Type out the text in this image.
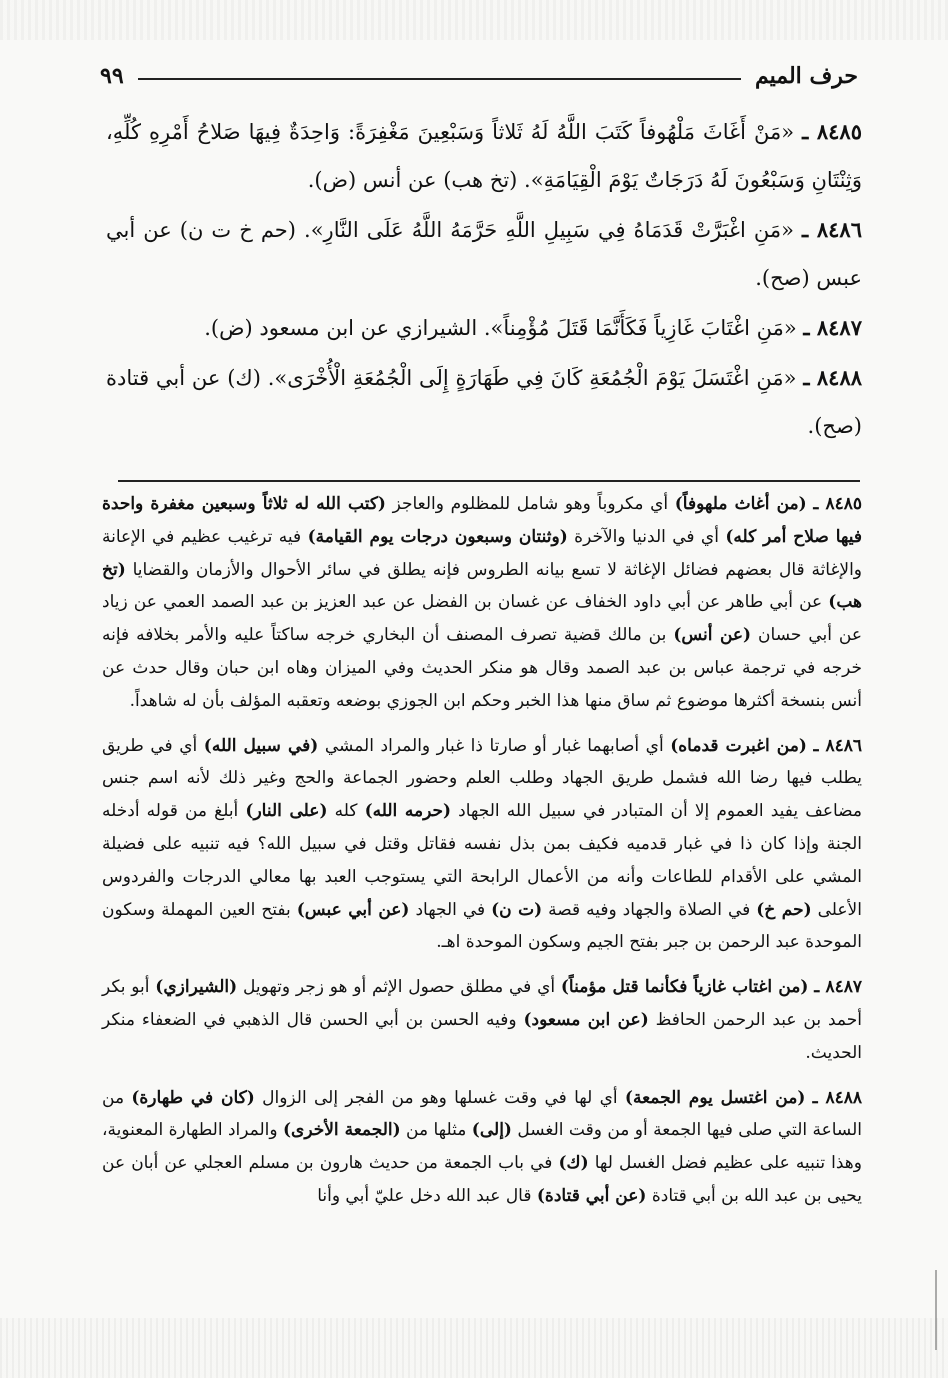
حرف الميم
٩٩

٨٤٨٥ ـ «مَنْ أَغَاثَ مَلْهُوفاً كَتَبَ اللَّهُ لَهُ ثَلاثاً وَسَبْعِينَ مَغْفِرَةً: وَاحِدَةٌ فِيهَا صَلاحُ أَمْرِهِ كُلِّهِ، وَثِنْتَانِ وَسَبْعُونَ لَهُ دَرَجَاتٌ يَوْمَ الْقِيَامَةِ». (تخ هب) عن أنس (ض).

٨٤٨٦ ـ «مَنِ اغْبَرَّتْ قَدَمَاهُ فِي سَبِيلِ اللَّهِ حَرَّمَهُ اللَّهُ عَلَى النَّارِ». (حم خ ت ن) عن أبي عبس (صح).

٨٤٨٧ ـ «مَنِ اغْتَابَ غَازِياً فَكَأَنَّمَا قَتَلَ مُؤْمِناً». الشيرازي عن ابن مسعود (ض).

٨٤٨٨ ـ «مَنِ اغْتَسَلَ يَوْمَ الْجُمُعَةِ كَانَ فِي طَهَارَةٍ إِلَى الْجُمُعَةِ الْأُخْرَى». (ك) عن أبي قتادة (صح).

٨٤٨٥ ـ (من أغاث ملهوفاً) أي مكروباً وهو شامل للمظلوم والعاجز (كتب الله له ثلاثاً وسبعين مغفرة واحدة فيها صلاح أمر كله) أي في الدنيا والآخرة (وثنتان وسبعون درجات يوم القيامة) فيه ترغيب عظيم في الإعانة والإغاثة قال بعضهم فضائل الإغاثة لا تسع بيانه الطروس فإنه يطلق في سائر الأحوال والأزمان والقضايا (تخ هب) عن أبي طاهر عن أبي داود الخفاف عن غسان بن الفضل عن عبد العزيز بن عبد الصمد العمي عن زياد عن أبي حسان (عن أنس) بن مالك قضية تصرف المصنف أن البخاري خرجه ساكتاً عليه والأمر بخلافه فإنه خرجه في ترجمة عباس بن عبد الصمد وقال هو منكر الحديث وفي الميزان وهاه ابن حبان وقال حدث عن أنس بنسخة أكثرها موضوع ثم ساق منها هذا الخبر وحكم ابن الجوزي بوضعه وتعقبه المؤلف بأن له شاهداً.

٨٤٨٦ ـ (من اغبرت قدماه) أي أصابهما غبار أو صارتا ذا غبار والمراد المشي (في سبيل الله) أي في طريق يطلب فيها رضا الله فشمل طريق الجهاد وطلب العلم وحضور الجماعة والحج وغير ذلك لأنه اسم جنس مضاعف يفيد العموم إلا أن المتبادر في سبيل الله الجهاد (حرمه الله) كله (على النار) أبلغ من قوله أدخله الجنة وإذا كان ذا في غبار قدميه فكيف بمن بذل نفسه فقاتل وقتل في سبيل الله؟ فيه تنبيه على فضيلة المشي على الأقدام للطاعات وأنه من الأعمال الرابحة التي يستوجب العبد بها معالي الدرجات والفردوس الأعلى (حم خ) في الصلاة والجهاد وفيه قصة (ت ن) في الجهاد (عن أبي عبس) بفتح العين المهملة وسكون الموحدة عبد الرحمن بن جبر بفتح الجيم وسكون الموحدة اهـ.

٨٤٨٧ ـ (من اغتاب غازياً فكأنما قتل مؤمناً) أي في مطلق حصول الإثم أو هو زجر وتهويل (الشيرازي) أبو بكر أحمد بن عبد الرحمن الحافظ (عن ابن مسعود) وفيه الحسن بن أبي الحسن قال الذهبي في الضعفاء منكر الحديث.

٨٤٨٨ ـ (من اغتسل يوم الجمعة) أي لها في وقت غسلها وهو من الفجر إلى الزوال (كان في طهارة) من الساعة التي صلى فيها الجمعة أو من وقت الغسل (إلى) مثلها من (الجمعة الأخرى) والمراد الطهارة المعنوية، وهذا تنبيه على عظيم فضل الغسل لها (ك) في باب الجمعة من حديث هارون بن مسلم العجلي عن أبان عن يحيى بن عبد الله بن أبي قتادة (عن أبي قتادة) قال عبد الله دخل عليّ أبي وأنا
